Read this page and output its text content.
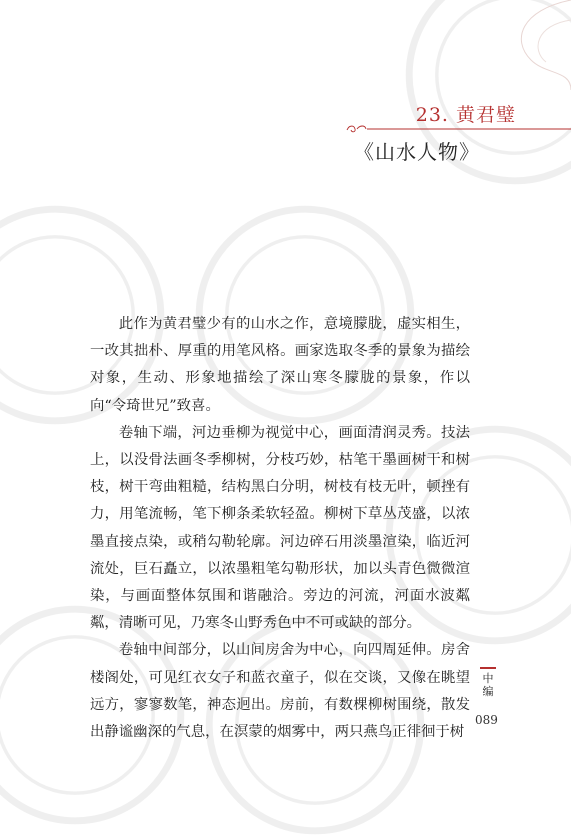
23. 黄君璧
《山水人物》

此作为黄君璧少有的山水之作，意境朦胧，虚实相生，一改其拙朴、厚重的用笔风格。画家选取冬季的景象为描绘对象，生动、形象地描绘了深山寒冬朦胧的景象，作以向“令琦世兄”致喜。

卷轴下端，河边垂柳为视觉中心，画面清润灵秀。技法上，以没骨法画冬季柳树，分枝巧妙，枯笔干墨画树干和树枝，树干弯曲粗糙，结构黑白分明，树枝有枝无叶，顿挫有力，用笔流畅，笔下柳条柔软轻盈。柳树下草丛茂盛，以浓墨直接点染，或稍勾勒轮廓。河边碎石用淡墨渲染，临近河流处，巨石矗立，以浓墨粗笔勾勒形状，加以头青色微微渲染，与画面整体氛围和谐融洽。旁边的河流，河面水波粼粼，清晰可见，乃寒冬山野秀色中不可或缺的部分。

卷轴中间部分，以山间房舍为中心，向四周延伸。房舍楼阁处，可见红衣女子和蓝衣童子，似在交谈，又像在眺望远方，寥寥数笔，神态迥出。房前，有数棵柳树围绕，散发出静谧幽深的气息，在溟蒙的烟雾中，两只燕鸟正徘徊于树

中
编
089
